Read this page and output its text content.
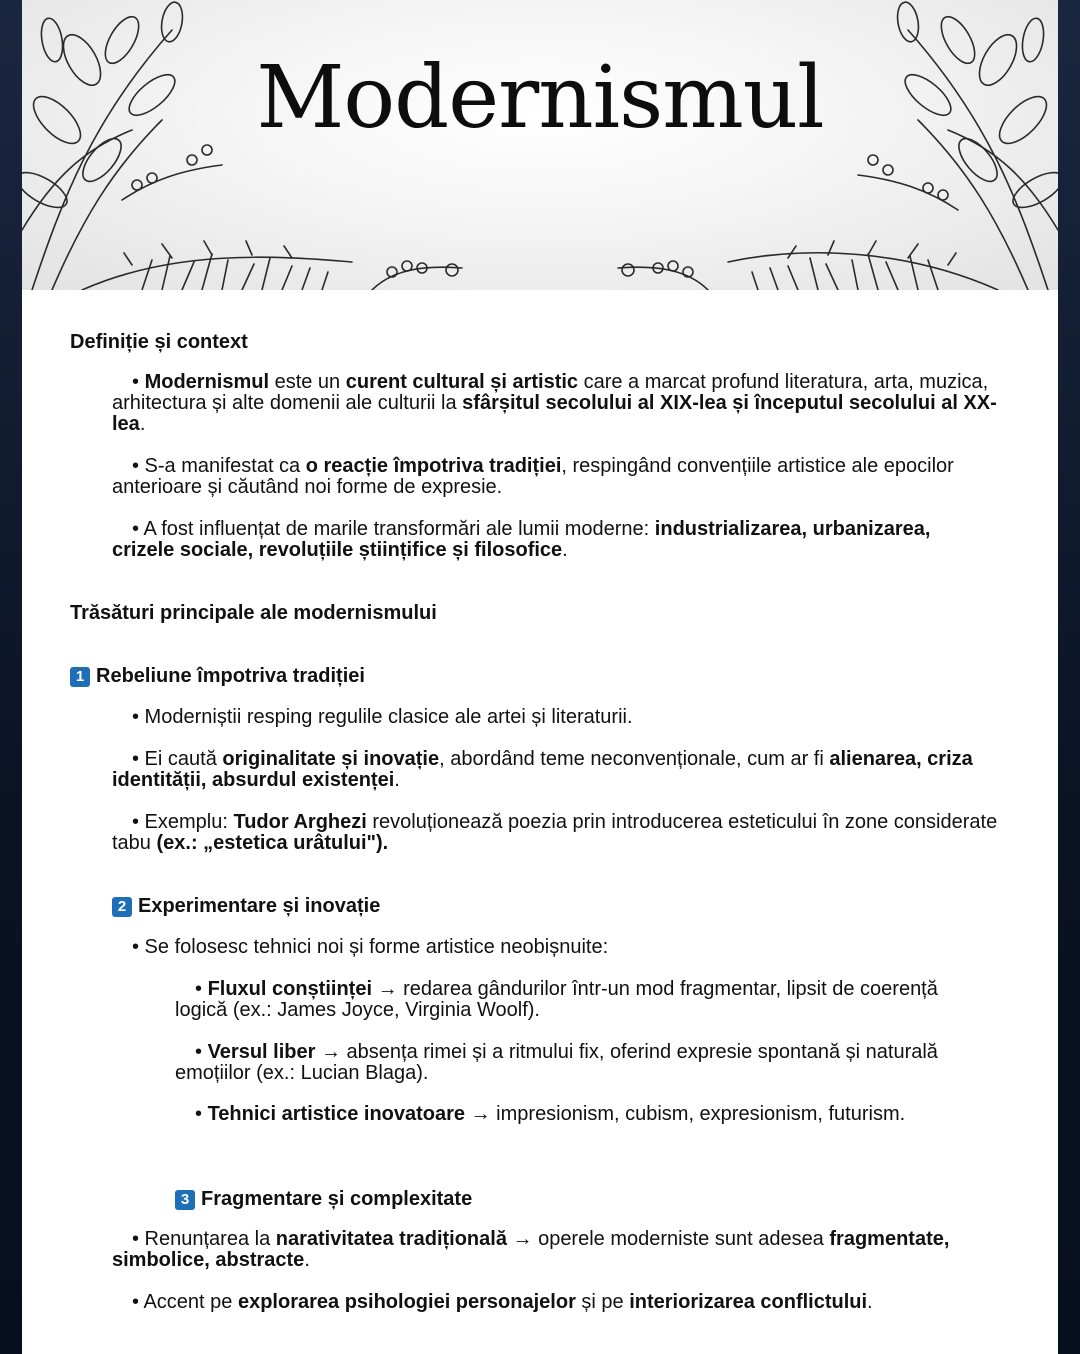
Modernismul
Definiție și context

• Modernismul este un curent cultural și artistic care a marcat profund literatura, arta, muzica, arhitectura și alte domenii ale culturii la sfârșitul secolului al XIX-lea și începutul secolului al XX-lea.

• S-a manifestat ca o reacție împotriva tradiției, respingând convențiile artistice ale epocilor anterioare și căutând noi forme de expresie.

• A fost influențat de marile transformări ale lumii moderne: industrializarea, urbanizarea, crizele sociale, revoluțiile științifice și filosofice.

Trăsături principale ale modernismului
1 Rebeliune împotriva tradiției

• Moderniștii resping regulile clasice ale artei și literaturii.

• Ei caută originalitate și inovație, abordând teme neconvenționale, cum ar fi alienarea, criza identității, absurdul existenței.

• Exemplu: Tudor Arghezi revoluționează poezia prin introducerea esteticului în zone considerate tabu (ex.: „estetica urâtului").

2 Experimentare și inovație

• Se folosesc tehnici noi și forme artistice neobișnuite:

• Fluxul conștiinței → redarea gândurilor într-un mod fragmentar, lipsit de coerență logică (ex.: James Joyce, Virginia Woolf).

• Versul liber → absența rimei și a ritmului fix, oferind expresie spontană și naturală emoțiilor (ex.: Lucian Blaga).

• Tehnici artistice inovatoare → impresionism, cubism, expresionism, futurism.

3 Fragmentare și complexitate

• Renunțarea la narativitatea tradițională → operele moderniste sunt adesea fragmentate, simbolice, abstracte.

• Accent pe explorarea psihologiei personajelor și pe interiorizarea conflictului.
